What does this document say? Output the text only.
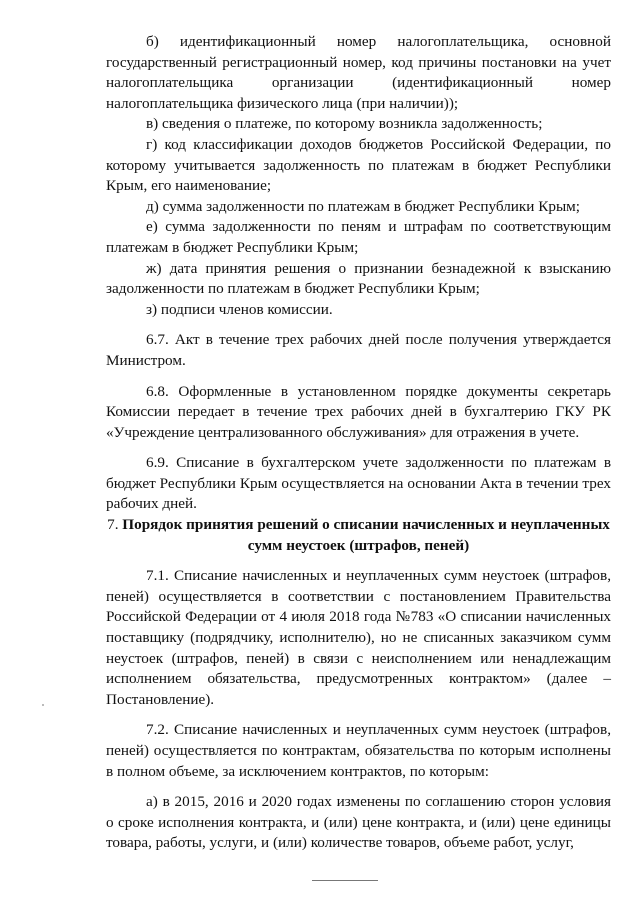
б) идентификационный номер налогоплательщика, основной государственный регистрационный номер, код причины постановки на учет налогоплательщика организации (идентификационный номер налогоплательщика физического лица (при наличии));

в) сведения о платеже, по которому возникла задолженность;

г) код классификации доходов бюджетов Российской Федерации, по которому учитывается задолженность по платежам в бюджет Республики Крым, его наименование;

д) сумма задолженности по платежам в бюджет Республики Крым;

е) сумма задолженности по пеням и штрафам по соответствующим платежам в бюджет Республики Крым;

ж) дата принятия решения о признании безнадежной к взысканию задолженности по платежам в бюджет Республики Крым;

з) подписи членов комиссии.

6.7. Акт в течение трех рабочих дней после получения утверждается Министром.

6.8. Оформленные в установленном порядке документы секретарь Комиссии передает в течение трех рабочих дней в бухгалтерию ГКУ РК «Учреждение централизованного обслуживания» для отражения в учете.

6.9. Списание в бухгалтерском учете задолженности по платежам в бюджет Республики Крым осуществляется на основании Акта в течении трех рабочих дней.

7. Порядок принятия решений о списании начисленных и неуплаченных сумм неустоек (штрафов, пеней)

7.1. Списание начисленных и неуплаченных сумм неустоек (штрафов, пеней) осуществляется в соответствии с постановлением Правительства Российской Федерации от 4 июля 2018 года №783 «О списании начисленных поставщику (подрядчику, исполнителю), но не списанных заказчиком сумм неустоек (штрафов, пеней) в связи с неисполнением или ненадлежащим исполнением обязательства, предусмотренных контрактом» (далее – Постановление).

7.2. Списание начисленных и неуплаченных сумм неустоек (штрафов, пеней) осуществляется по контрактам, обязательства по которым исполнены в полном объеме, за исключением контрактов, по которым:

а) в 2015, 2016 и 2020 годах изменены по соглашению сторон условия о сроке исполнения контракта, и (или) цене контракта, и (или) цене единицы товара, работы, услуги, и (или) количестве товаров, объеме работ, услуг,
